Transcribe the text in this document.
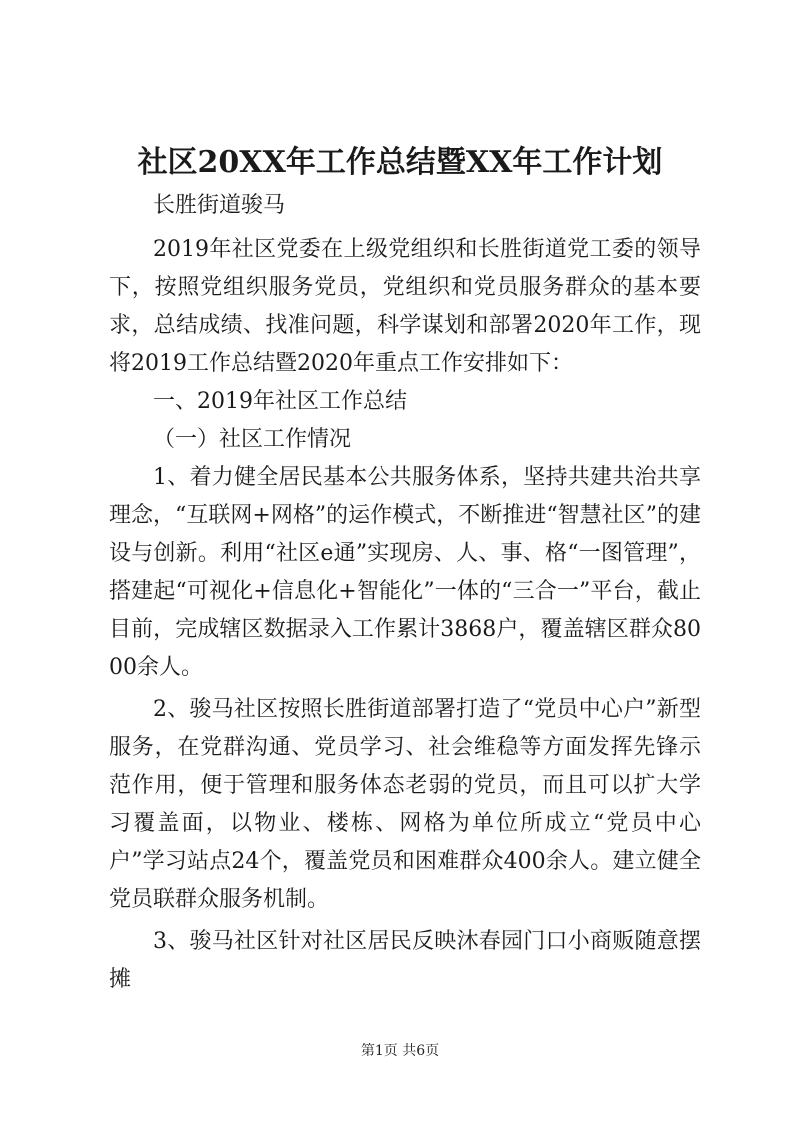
社区20XX年工作总结暨XX年工作计划

长胜街道骏马

2019年社区党委在上级党组织和长胜街道党工委的领导下，按照党组织服务党员，党组织和党员服务群众的基本要求，总结成绩、找准问题，科学谋划和部署2020年工作，现将2019工作总结暨2020年重点工作安排如下：

一、2019年社区工作总结

（一）社区工作情况

1、着力健全居民基本公共服务体系，坚持共建共治共享理念，“互联网+网格”的运作模式，不断推进“智慧社区”的建设与创新。利用“社区e通”实现房、人、事、格“一图管理”，搭建起“可视化+信息化+智能化”一体的“三合一”平台，截止目前，完成辖区数据录入工作累计3868户，覆盖辖区群众8000余人。

2、骏马社区按照长胜街道部署打造了“党员中心户”新型服务，在党群沟通、党员学习、社会维稳等方面发挥先锋示范作用，便于管理和服务体态老弱的党员，而且可以扩大学习覆盖面，以物业、楼栋、网格为单位所成立“党员中心户”学习站点24个，覆盖党员和困难群众400余人。建立健全党员联群众服务机制。

3、骏马社区针对社区居民反映沐春园门口小商贩随意摆摊

第1页 共6页
